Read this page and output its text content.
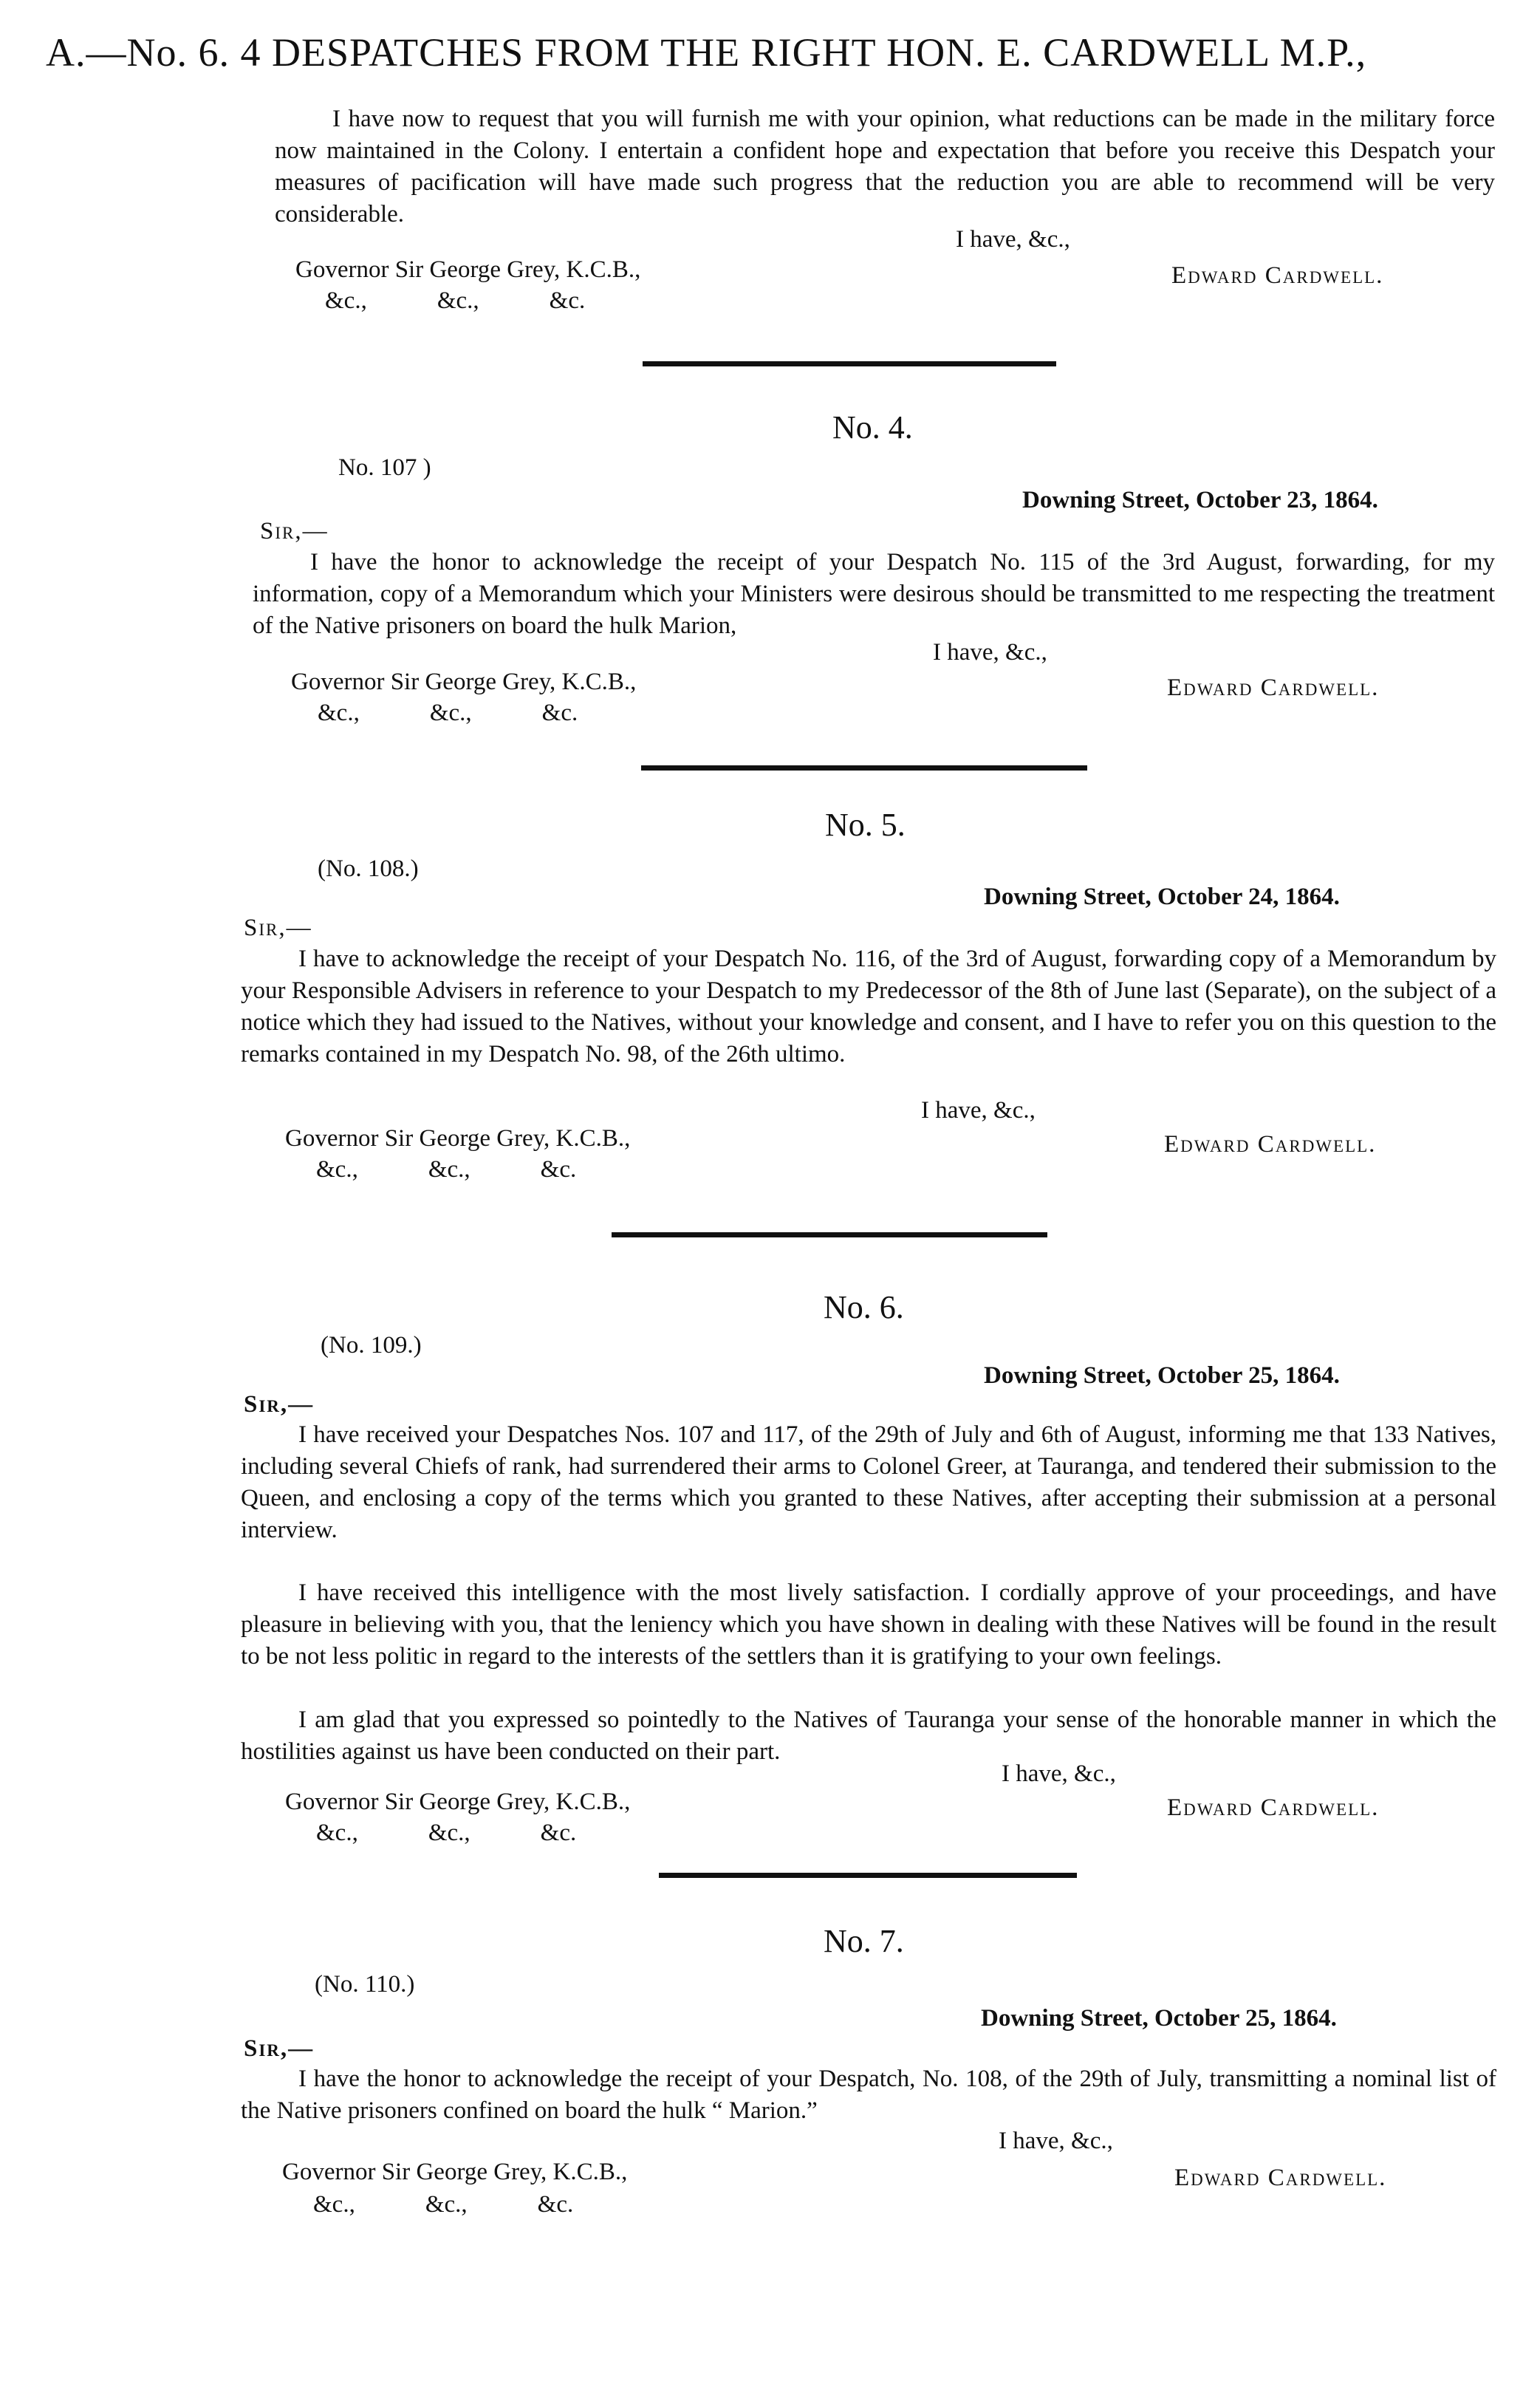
A.—No. 6. 4 DESPATCHES FROM THE RIGHT HON. E. CARDWELL M.P.,

I have now to request that you will furnish me with your opinion, what reductions can be made in the military force now maintained in the Colony. I entertain a confident hope and expectation that before you receive this Despatch your measures of pacification will have made such progress that the reduction you are able to recommend will be very considerable.

I have, &c.,
Governor Sir George Grey, K.C.B.,	Edward Cardwell.
&c.,	&c.,	&c.
No. 4.
No. 107 )
Downing Street, October 23, 1864.
Sir,—

I have the honor to acknowledge the receipt of your Despatch No. 115 of the 3rd August, forwarding, for my information, copy of a Memorandum which your Ministers were desirous should be transmitted to me respecting the treatment of the Native prisoners on board the hulk Marion,

I have, &c.,
Governor Sir George Grey, K.C.B.,	Edward Cardwell.
&c.,	&c.,	&c.
No. 5.
(No. 108.)
Downing Street, October 24, 1864.
Sir,—

I have to acknowledge the receipt of your Despatch No. 116, of the 3rd of August, forwarding copy of a Memorandum by your Responsible Advisers in reference to your Despatch to my Predecessor of the 8th of June last (Separate), on the subject of a notice which they had issued to the Natives, without your knowledge and consent, and I have to refer you on this question to the remarks contained in my Despatch No. 98, of the 26th ultimo.

I have, &c.,
Governor Sir George Grey, K.C.B.,	Edward Cardwell.
&c.,	&c.,	&c.
No. 6.
(No. 109.)
Downing Street, October 25, 1864.
Sir,—

I have received your Despatches Nos. 107 and 117, of the 29th of July and 6th of August, informing me that 133 Natives, including several Chiefs of rank, had surrendered their arms to Colonel Greer, at Tauranga, and tendered their submission to the Queen, and enclosing a copy of the terms which you granted to these Natives, after accepting their submission at a personal interview.

I have received this intelligence with the most lively satisfaction. I cordially approve of your proceedings, and have pleasure in believing with you, that the leniency which you have shown in dealing with these Natives will be found in the result to be not less politic in regard to the interests of the settlers than it is gratifying to your own feelings.

I am glad that you expressed so pointedly to the Natives of Tauranga your sense of the honorable manner in which the hostilities against us have been conducted on their part.

I have, &c.,
Governor Sir George Grey, K.C.B.,	Edward Cardwell.
&c.,	&c.,	&c.
No. 7.
(No. 110.)
Downing Street, October 25, 1864.
Sir,—

I have the honor to acknowledge the receipt of your Despatch, No. 108, of the 29th of July, transmitting a nominal list of the Native prisoners confined on board the hulk “ Marion.”

I have, &c.,
Governor Sir George Grey, K.C.B.,	Edward Cardwell.
&c.,	&c.,	&c.
